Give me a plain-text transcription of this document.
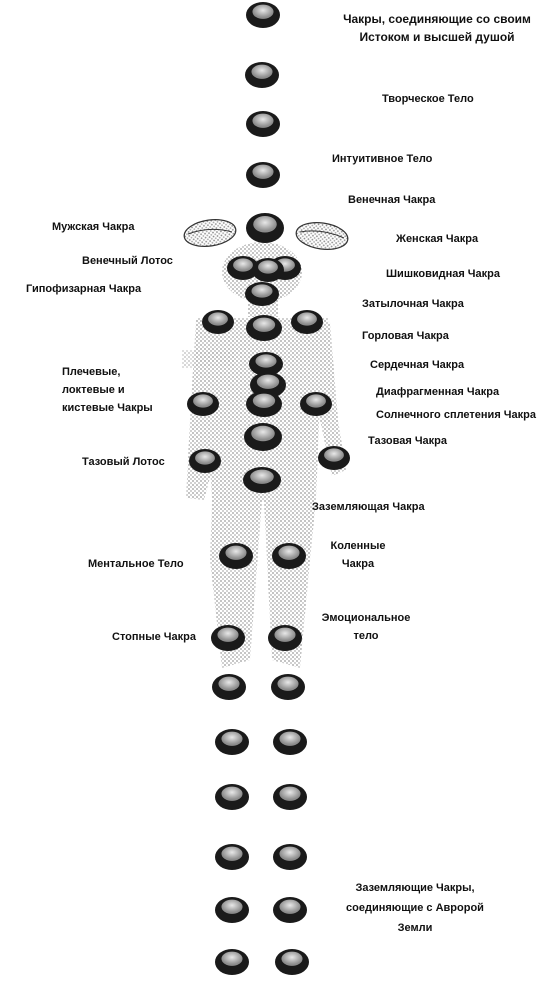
Чакры, соединяющие со своим
Истоком и высшей душой
Творческое Тело
Интуитивное Тело
Венечная Чакра
Мужская Чакра
Женская Чакра
Венечный Лотос
Шишковидная Чакра
Гипофизарная Чакра
Затылочная Чакра
Горловая Чакра
Сердечная Чакра
Плечевые,
локтевые и
кистевые Чакры
Диафрагменная Чакра
Солнечного сплетения Чакра
Тазовая Чакра
Тазовый Лотос
Заземляющая Чакра
Коленные
Чакра
Ментальное Тело
Эмоциональное
тело
Стопные Чакра
Заземляющие Чакры,
соединяющие с Авророй
Земли
